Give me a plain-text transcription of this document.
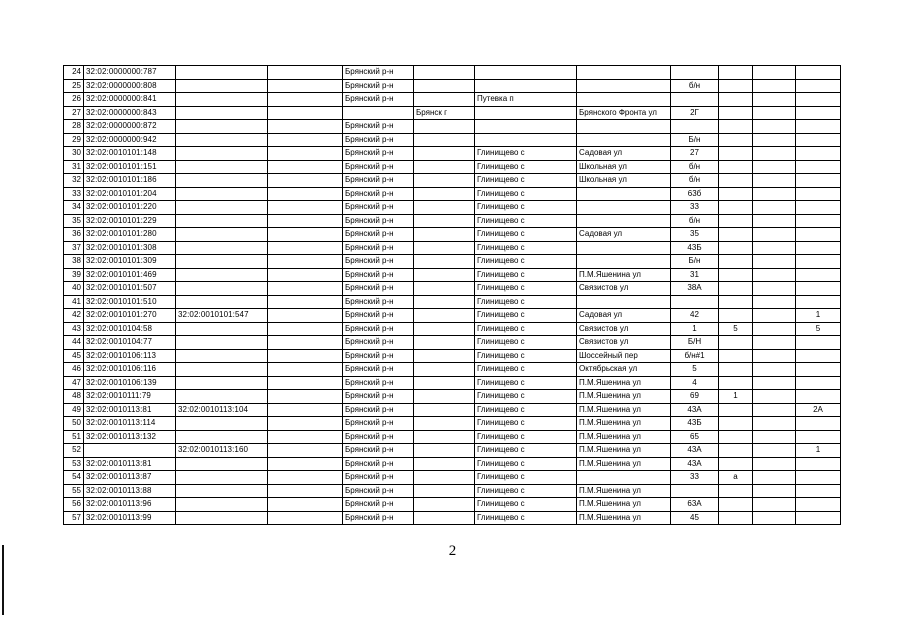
24	32:02:0000000:787			Брянский р-н							
25	32:02:0000000:808			Брянский р-н				б/н			
26	32:02:0000000:841			Брянский р-н		Путевка п					
27	32:02:0000000:843				Брянск г		Брянского Фронта ул	2Г			
28	32:02:0000000:872			Брянский р-н							
29	32:02:0000000:942			Брянский р-н				Б/н			
30	32:02:0010101:148			Брянский р-н		Глинищево с	Садовая ул	27			
31	32:02:0010101:151			Брянский р-н		Глинищево с	Школьная ул	б/н			
32	32:02:0010101:186			Брянский р-н		Глинищево с	Школьная ул	б/н			
33	32:02:0010101:204			Брянский р-н		Глинищево с		63б			
34	32:02:0010101:220			Брянский р-н		Глинищево с		33			
35	32:02:0010101:229			Брянский р-н		Глинищево с		б/н			
36	32:02:0010101:280			Брянский р-н		Глинищево с	Садовая ул	35			
37	32:02:0010101:308			Брянский р-н		Глинищево с		43Б			
38	32:02:0010101:309			Брянский р-н		Глинищево с		Б/н			
39	32:02:0010101:469			Брянский р-н		Глинищево с	П.М.Яшенина ул	31			
40	32:02:0010101:507			Брянский р-н		Глинищево с	Связистов ул	38А			
41	32:02:0010101:510			Брянский р-н		Глинищево с					
42	32:02:0010101:270	32:02:0010101:547		Брянский р-н		Глинищево с	Садовая ул	42			1
43	32:02:0010104:58			Брянский р-н		Глинищево с	Связистов ул	1	5		5
44	32:02:0010104:77			Брянский р-н		Глинищево с	Связистов ул	Б/Н			
45	32:02:0010106:113			Брянский р-н		Глинищево с	Шоссейный пер	б/н#1			
46	32:02:0010106:116			Брянский р-н		Глинищево с	Октябрьская ул	5			
47	32:02:0010106:139			Брянский р-н		Глинищево с	П.М.Яшенина ул	4			
48	32:02:0010111:79			Брянский р-н		Глинищево с	П.М.Яшенина ул	69	1		
49	32:02:0010113:81	32:02:0010113:104		Брянский р-н		Глинищево с	П.М.Яшенина ул	43А			2А
50	32:02:0010113:114			Брянский р-н		Глинищево с	П.М.Яшенина ул	43Б			
51	32:02:0010113:132			Брянский р-н		Глинищево с	П.М.Яшенина ул	65			
52		32:02:0010113:160		Брянский р-н		Глинищево с	П.М.Яшенина ул	43А			1
53	32:02:0010113:81			Брянский р-н		Глинищево с	П.М.Яшенина ул	43А			
54	32:02:0010113:87			Брянский р-н		Глинищево с		33	а		
55	32:02:0010113:88			Брянский р-н		Глинищево с	П.М.Яшенина ул				
56	32:02:0010113:96			Брянский р-н		Глинищево с	П.М.Яшенина ул	63А			
57	32:02:0010113:99			Брянский р-н		Глинищево с	П.М.Яшенина ул	45			
2
